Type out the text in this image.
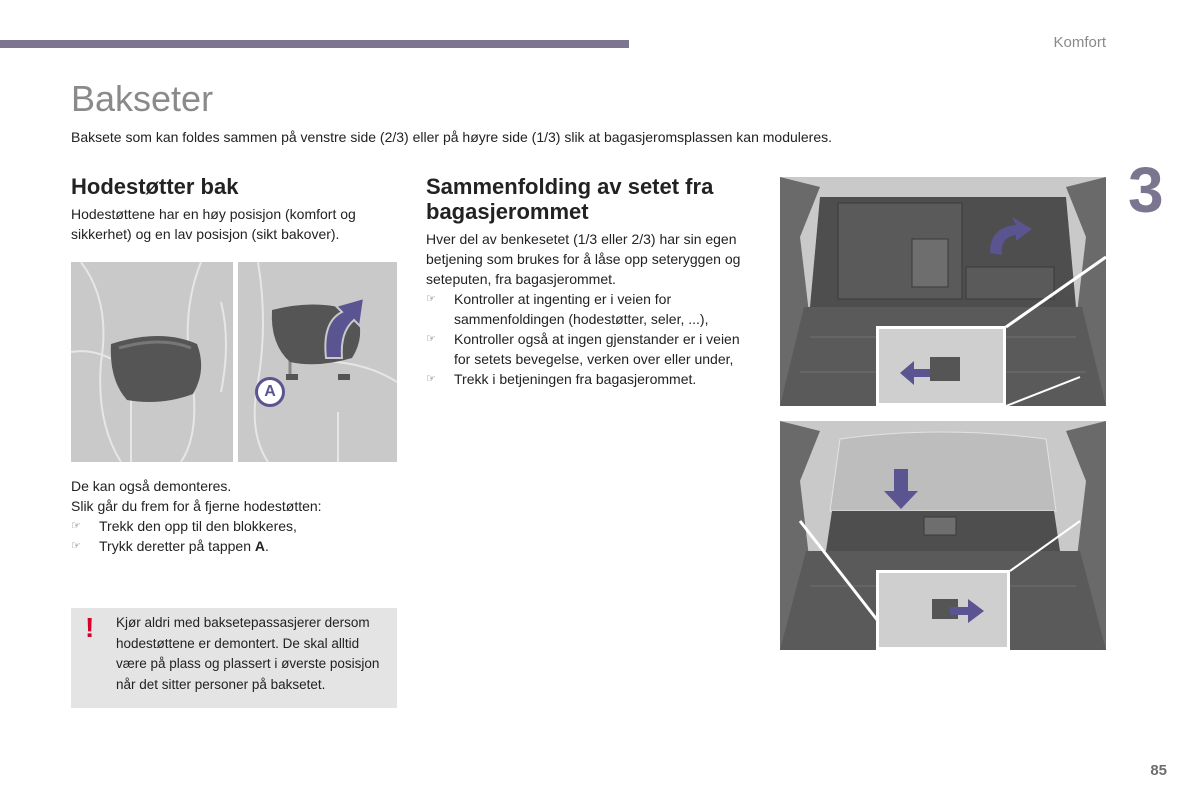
Komfort
3
Bakseter

Baksete som kan foldes sammen på venstre side (2/3) eller på høyre side (1/3) slik at bagasjeromsplassen kan moduleres.

Hodestøtter bak

Hodestøttene har en høy posisjon (komfort og sikkerhet) og en lav posisjon (sikt bakover).

A

De kan også demonteres.

Slik går du frem for å fjerne hodestøtten:

☞ Trekk den opp til den blokkeres,
☞ Trykk deretter på tappen A.
! Kjør aldri med baksetepassasjerer dersom hodestøttene er demontert. De skal alltid være på plass og plassert i øverste posisjon når det sitter personer på baksetet.

Sammenfolding av setet fra bagasjerommet

Hver del av benkesetet (1/3 eller 2/3) har sin egen betjening som brukes for å låse opp seteryggen og seteputen, fra bagasjerommet.

☞ Kontroller at ingenting er i veien for sammenfoldingen (hodestøtter, seler, ...),
☞ Kontroller også at ingen gjenstander er i veien for setets bevegelse, verken over eller under,
☞ Trekk i betjeningen fra bagasjerommet.
85
